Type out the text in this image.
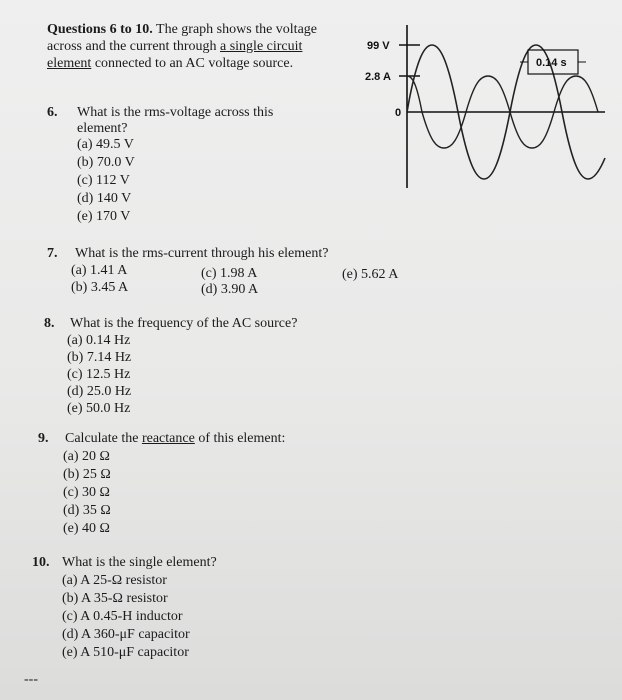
Questions 6 to 10. The graph shows the voltage across and the current through a single circuit element connected to an AC voltage source.
99 V
2.8 A
0
0.14 s
6. What is the rms-voltage across this
element?
(a) 49.5 V
(b) 70.0 V
(c) 112 V
(d) 140 V
(e) 170 V
7. What is the rms-current through his element?
(a) 1.41 A
(b) 3.45 A
(c) 1.98 A
(d) 3.90 A
(e) 5.62 A
8. What is the frequency of the AC source?
(a) 0.14 Hz
(b) 7.14 Hz
(c) 12.5 Hz
(d) 25.0 Hz
(e) 50.0 Hz
9. Calculate the reactance of this element:
(a) 20 Ω
(b) 25 Ω
(c) 30 Ω
(d) 35 Ω
(e) 40 Ω
10. What is the single element?
(a) A 25-Ω resistor
(b) A 35-Ω resistor
(c) A 0.45-H inductor
(d) A 360-μF capacitor
(e) A 510-μF capacitor
---
